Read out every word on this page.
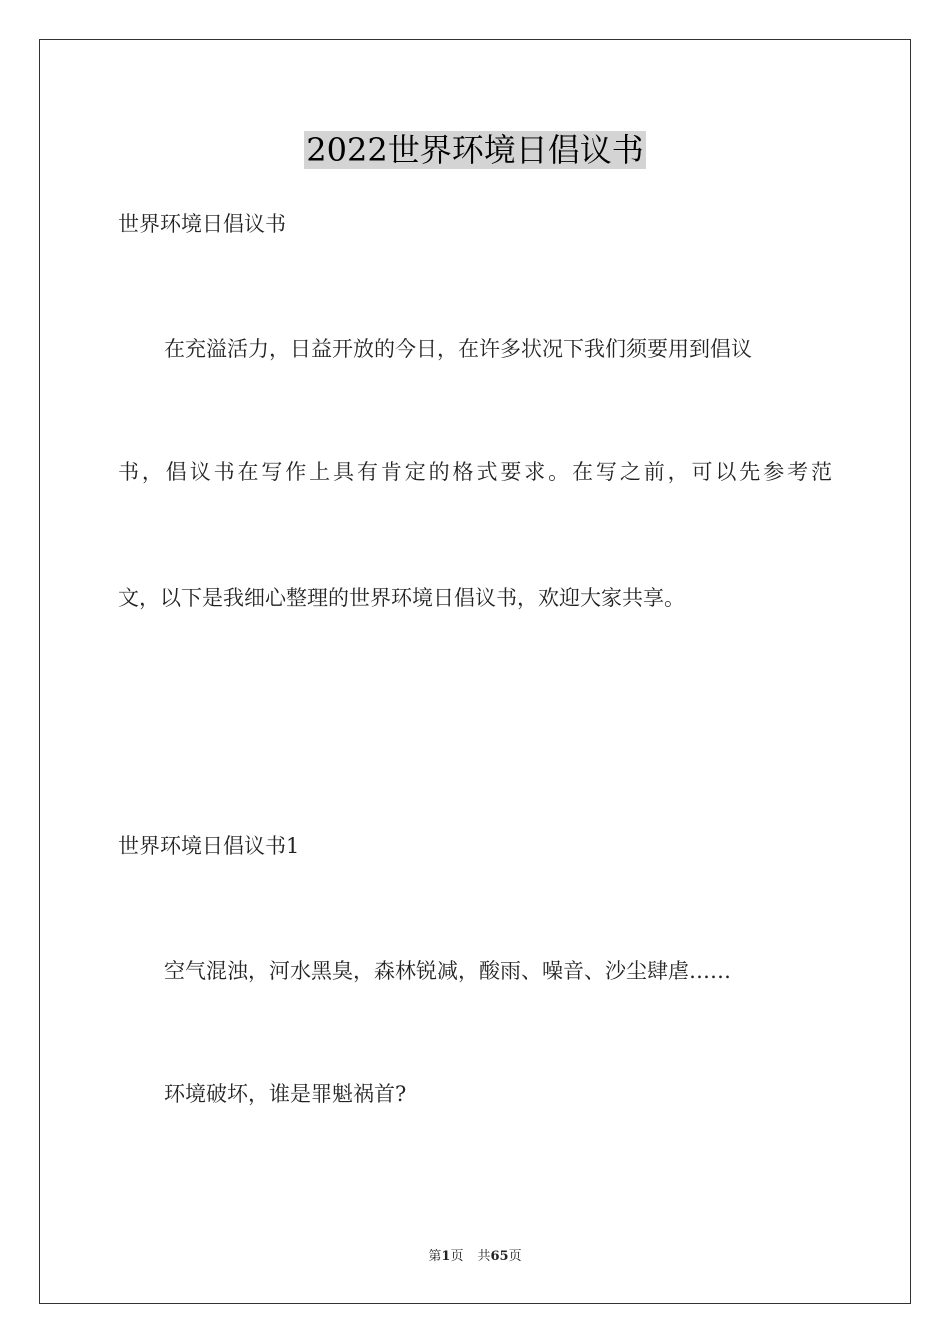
2022世界环境日倡议书

世界环境日倡议书

在充溢活力，日益开放的今日，在许多状况下我们须要用到倡议

书，倡议书在写作上具有肯定的格式要求。在写之前，可以先参考范

文，以下是我细心整理的世界环境日倡议书，欢迎大家共享。

世界环境日倡议书1

空气混浊，河水黑臭，森林锐减，酸雨、噪音、沙尘肆虐……

环境破坏，谁是罪魁祸首?

第1页 共65页
